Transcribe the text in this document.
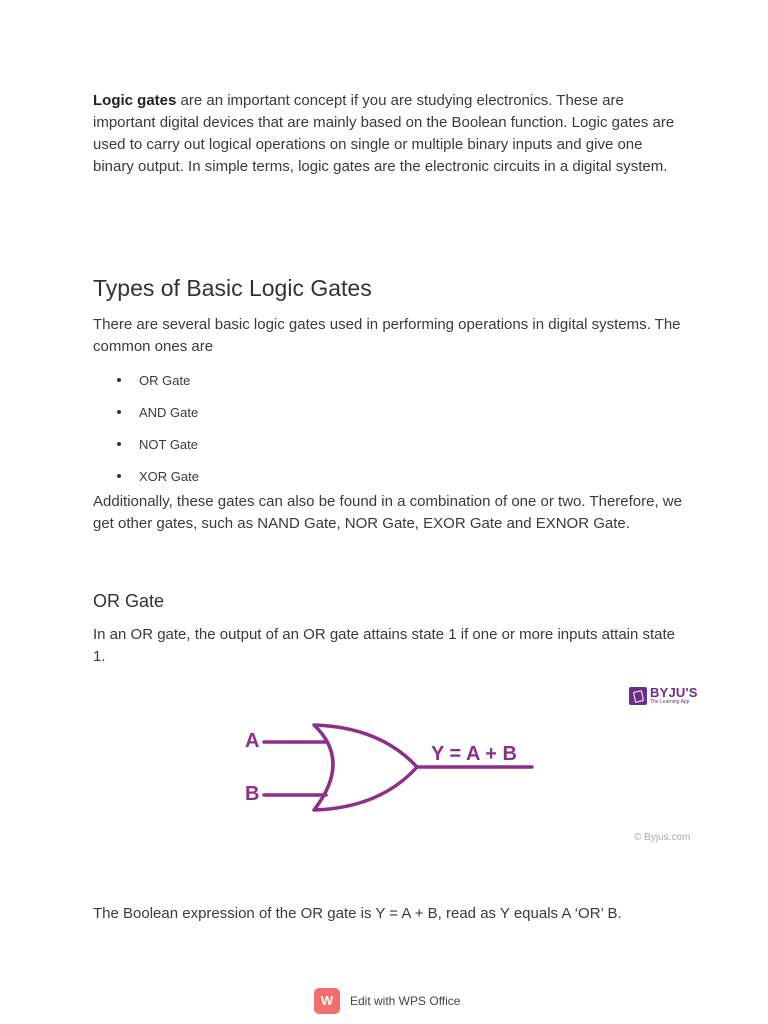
Logic gates are an important concept if you are studying electronics. These are important digital devices that are mainly based on the Boolean function. Logic gates are used to carry out logical operations on single or multiple binary inputs and give one binary output. In simple terms, logic gates are the electronic circuits in a digital system.

Types of Basic Logic Gates

There are several basic logic gates used in performing operations in digital systems. The common ones are

OR Gate
AND Gate
NOT Gate
XOR Gate

Additionally, these gates can also be found in a combination of one or two. Therefore, we get other gates, such as NAND Gate, NOR Gate, EXOR Gate and EXNOR Gate.

OR Gate

In an OR gate, the output of an OR gate attains state 1 if one or more inputs attain state 1.

BYJU'S
The Learning App
A
B
Y = A + B
© Byjus.com

The Boolean expression of the OR gate is Y = A + B, read as Y equals A ‘OR’ B.

W	Edit with WPS Office
